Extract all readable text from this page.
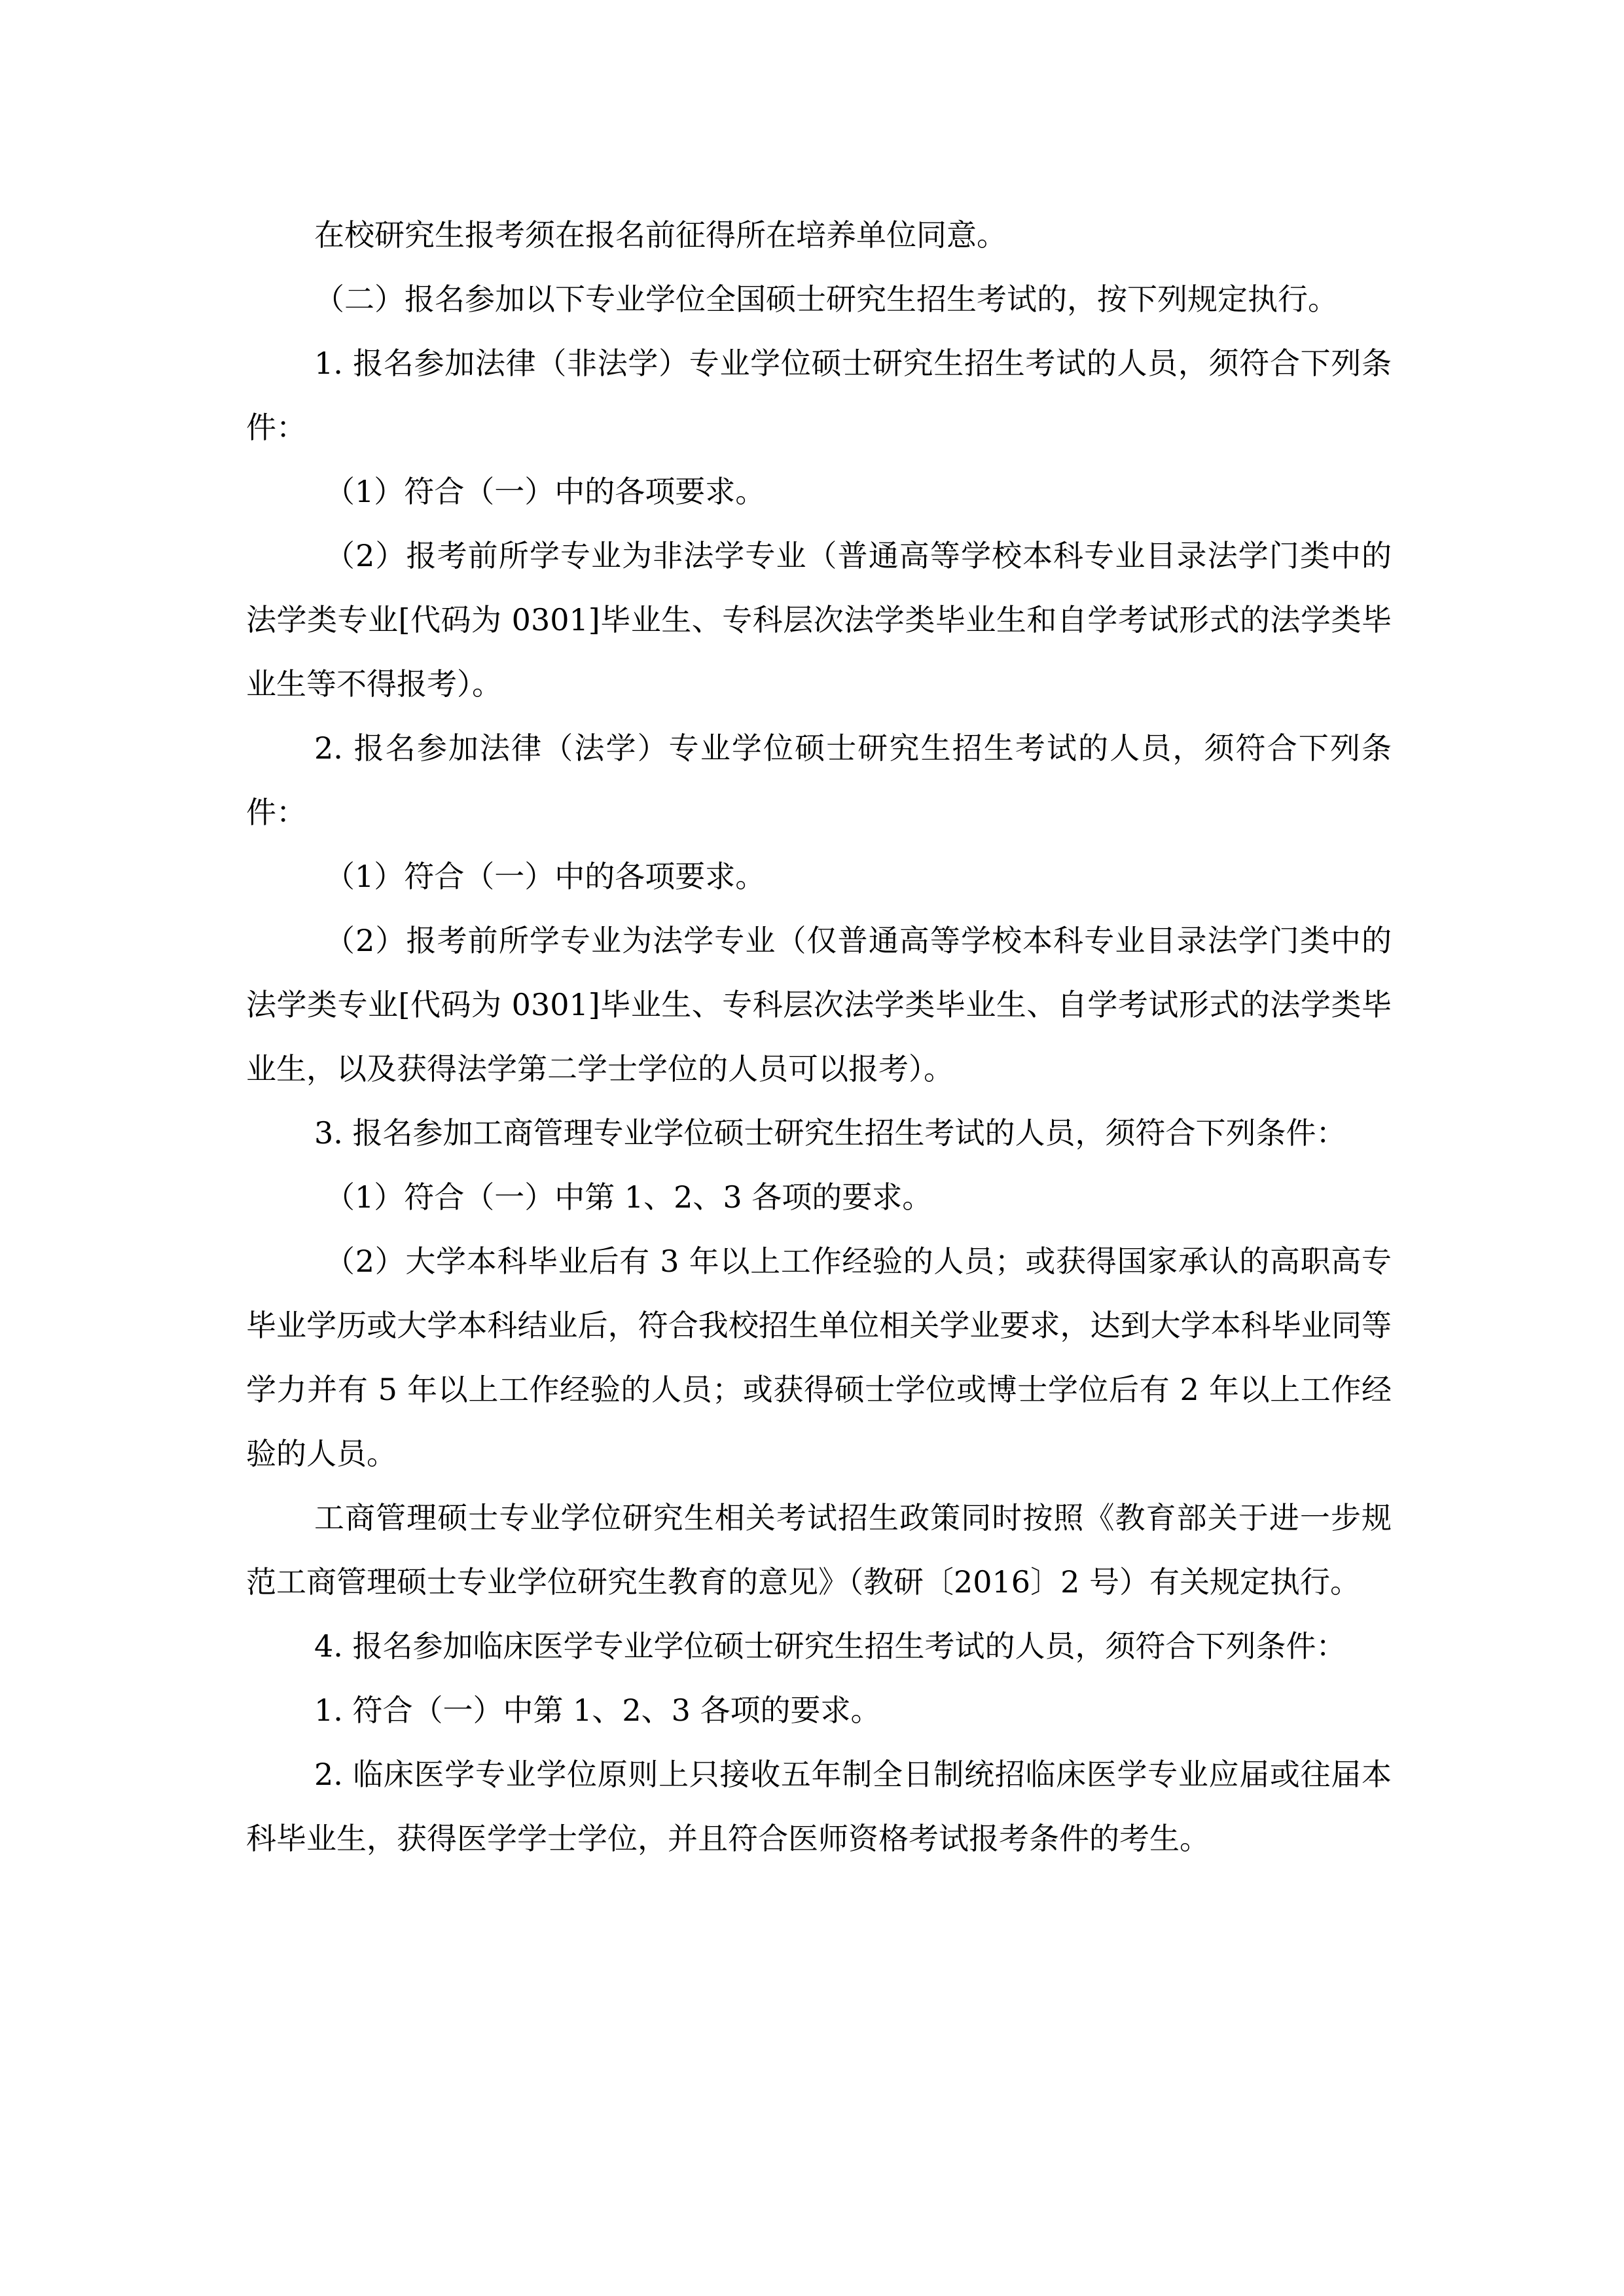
在校研究生报考须在报名前征得所在培养单位同意。

（二）报名参加以下专业学位全国硕士研究生招生考试的，按下列规定执行。

1. 报名参加法律（非法学）专业学位硕士研究生招生考试的人员，须符合下列条件：

（1）符合（一）中的各项要求。

（2）报考前所学专业为非法学专业（普通高等学校本科专业目录法学门类中的法学类专业[代码为 0301]毕业生、专科层次法学类毕业生和自学考试形式的法学类毕业生等不得报考）。

2. 报名参加法律（法学）专业学位硕士研究生招生考试的人员，须符合下列条件：

（1）符合（一）中的各项要求。

（2）报考前所学专业为法学专业（仅普通高等学校本科专业目录法学门类中的法学类专业[代码为 0301]毕业生、专科层次法学类毕业生、自学考试形式的法学类毕业生，以及获得法学第二学士学位的人员可以报考）。

3. 报名参加工商管理专业学位硕士研究生招生考试的人员，须符合下列条件：

（1）符合（一）中第 1、2、3 各项的要求。

（2）大学本科毕业后有 3 年以上工作经验的人员；或获得国家承认的高职高专毕业学历或大学本科结业后，符合我校招生单位相关学业要求，达到大学本科毕业同等学力并有 5 年以上工作经验的人员；或获得硕士学位或博士学位后有 2 年以上工作经验的人员。

工商管理硕士专业学位研究生相关考试招生政策同时按照《教育部关于进一步规范工商管理硕士专业学位研究生教育的意见》（教研〔2016〕2 号）有关规定执行。

4. 报名参加临床医学专业学位硕士研究生招生考试的人员，须符合下列条件：

1. 符合（一）中第 1、2、3 各项的要求。

2. 临床医学专业学位原则上只接收五年制全日制统招临床医学专业应届或往届本科毕业生，获得医学学士学位，并且符合医师资格考试报考条件的考生。
